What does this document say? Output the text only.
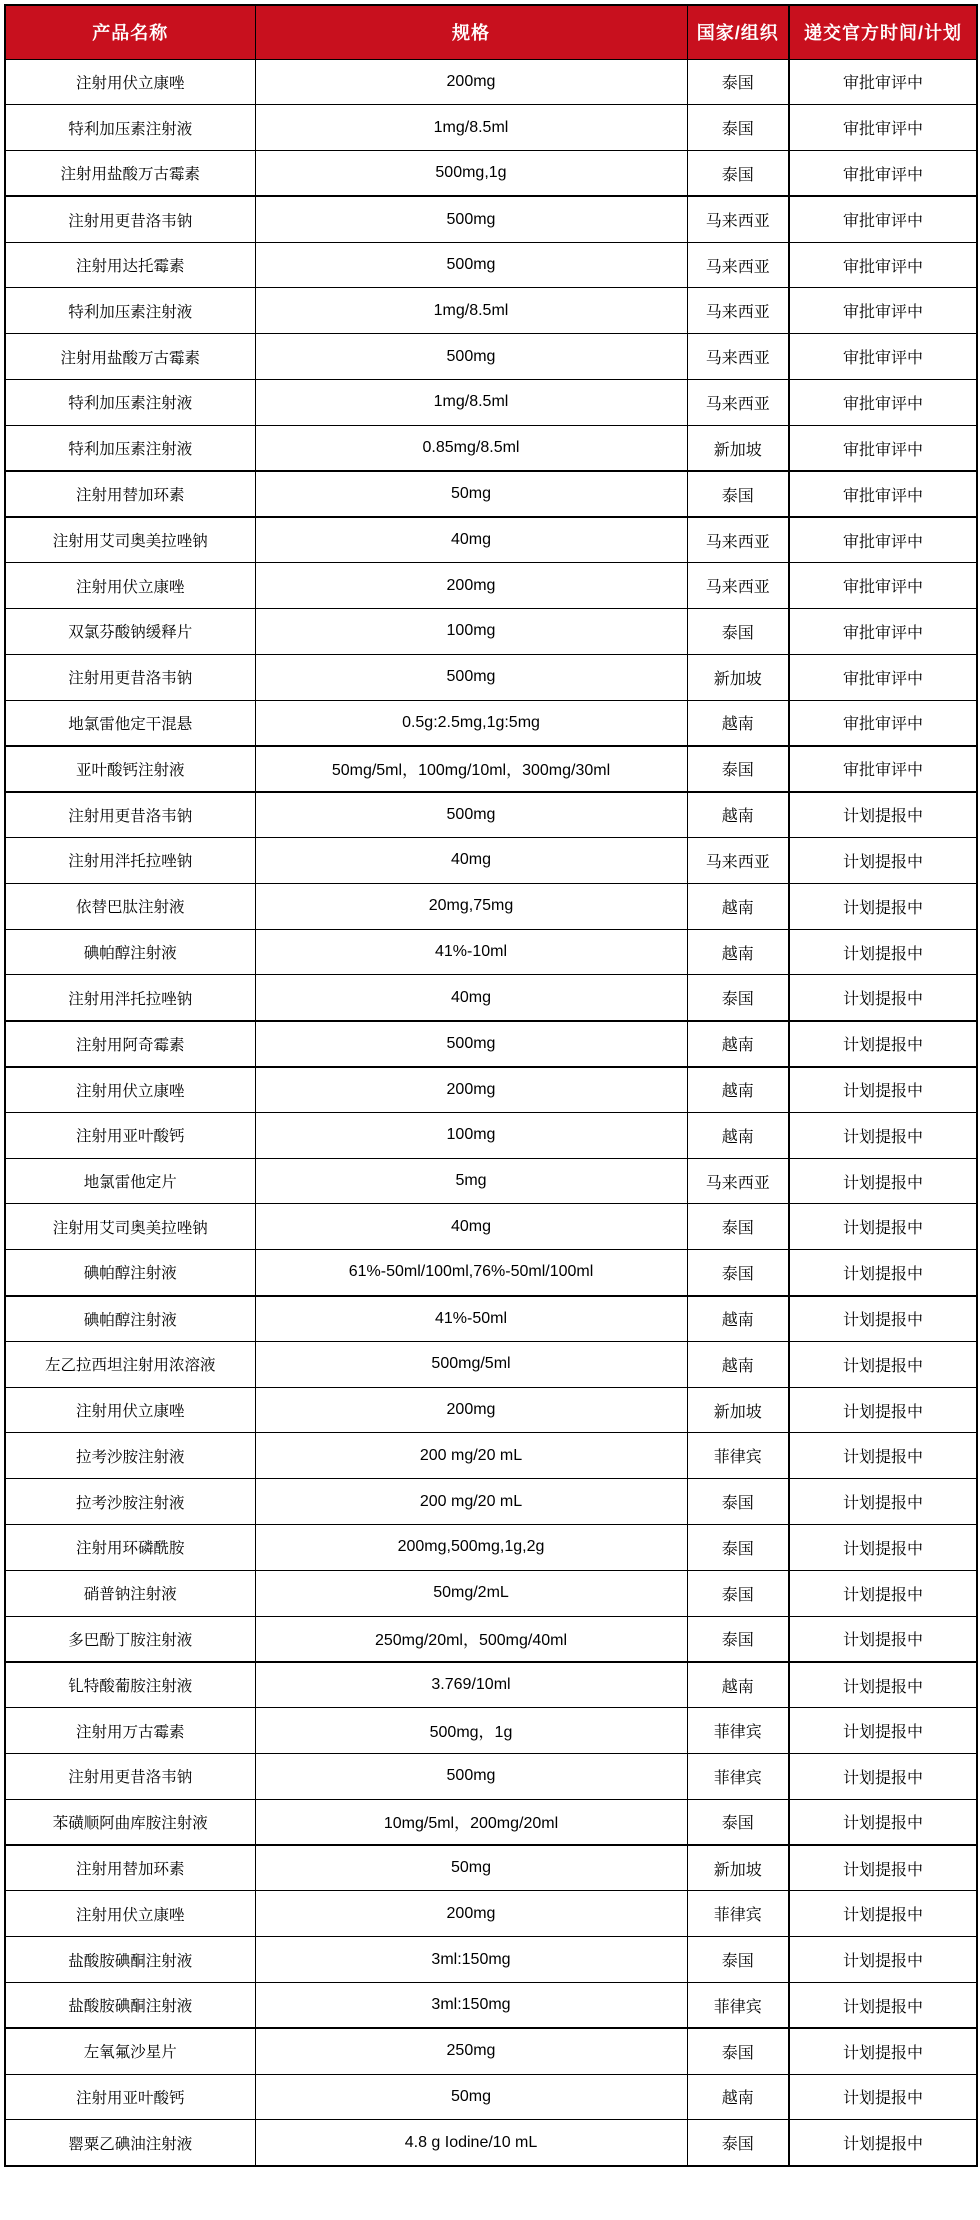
产品名称	规格	国家/组织	递交官方时间/计划
注射用伏立康唑	200mg	泰国	审批审评中
特利加压素注射液	1mg/8.5ml	泰国	审批审评中
注射用盐酸万古霉素	500mg,1g	泰国	审批审评中
注射用更昔洛韦钠	500mg	马来西亚	审批审评中
注射用达托霉素	500mg	马来西亚	审批审评中
特利加压素注射液	1mg/8.5ml	马来西亚	审批审评中
注射用盐酸万古霉素	500mg	马来西亚	审批审评中
特利加压素注射液	1mg/8.5ml	马来西亚	审批审评中
特利加压素注射液	0.85mg/8.5ml	新加坡	审批审评中
注射用替加环素	50mg	泰国	审批审评中
注射用艾司奥美拉唑钠	40mg	马来西亚	审批审评中
注射用伏立康唑	200mg	马来西亚	审批审评中
双氯芬酸钠缓释片	100mg	泰国	审批审评中
注射用更昔洛韦钠	500mg	新加坡	审批审评中
地氯雷他定干混悬	0.5g:2.5mg,1g:5mg	越南	审批审评中
亚叶酸钙注射液	50mg/5ml，100mg/10ml，300mg/30ml	泰国	审批审评中
注射用更昔洛韦钠	500mg	越南	计划提报中
注射用泮托拉唑钠	40mg	马来西亚	计划提报中
依替巴肽注射液	20mg,75mg	越南	计划提报中
碘帕醇注射液	41%-10ml	越南	计划提报中
注射用泮托拉唑钠	40mg	泰国	计划提报中
注射用阿奇霉素	500mg	越南	计划提报中
注射用伏立康唑	200mg	越南	计划提报中
注射用亚叶酸钙	100mg	越南	计划提报中
地氯雷他定片	5mg	马来西亚	计划提报中
注射用艾司奥美拉唑钠	40mg	泰国	计划提报中
碘帕醇注射液	61%-50ml/100ml,76%-50ml/100ml	泰国	计划提报中
碘帕醇注射液	41%-50ml	越南	计划提报中
左乙拉西坦注射用浓溶液	500mg/5ml	越南	计划提报中
注射用伏立康唑	200mg	新加坡	计划提报中
拉考沙胺注射液	200 mg/20 mL	菲律宾	计划提报中
拉考沙胺注射液	200 mg/20 mL	泰国	计划提报中
注射用环磷酰胺	200mg,500mg,1g,2g	泰国	计划提报中
硝普钠注射液	50mg/2mL	泰国	计划提报中
多巴酚丁胺注射液	250mg/20ml，500mg/40ml	泰国	计划提报中
钆特酸葡胺注射液	3.769/10ml	越南	计划提报中
注射用万古霉素	500mg，1g	菲律宾	计划提报中
注射用更昔洛韦钠	500mg	菲律宾	计划提报中
苯磺顺阿曲库胺注射液	10mg/5ml，200mg/20ml	泰国	计划提报中
注射用替加环素	50mg	新加坡	计划提报中
注射用伏立康唑	200mg	菲律宾	计划提报中
盐酸胺碘酮注射液	3ml:150mg	泰国	计划提报中
盐酸胺碘酮注射液	3ml:150mg	菲律宾	计划提报中
左氧氟沙星片	250mg	泰国	计划提报中
注射用亚叶酸钙	50mg	越南	计划提报中
罂粟乙碘油注射液	4.8 g Iodine/10 mL	泰国	计划提报中
